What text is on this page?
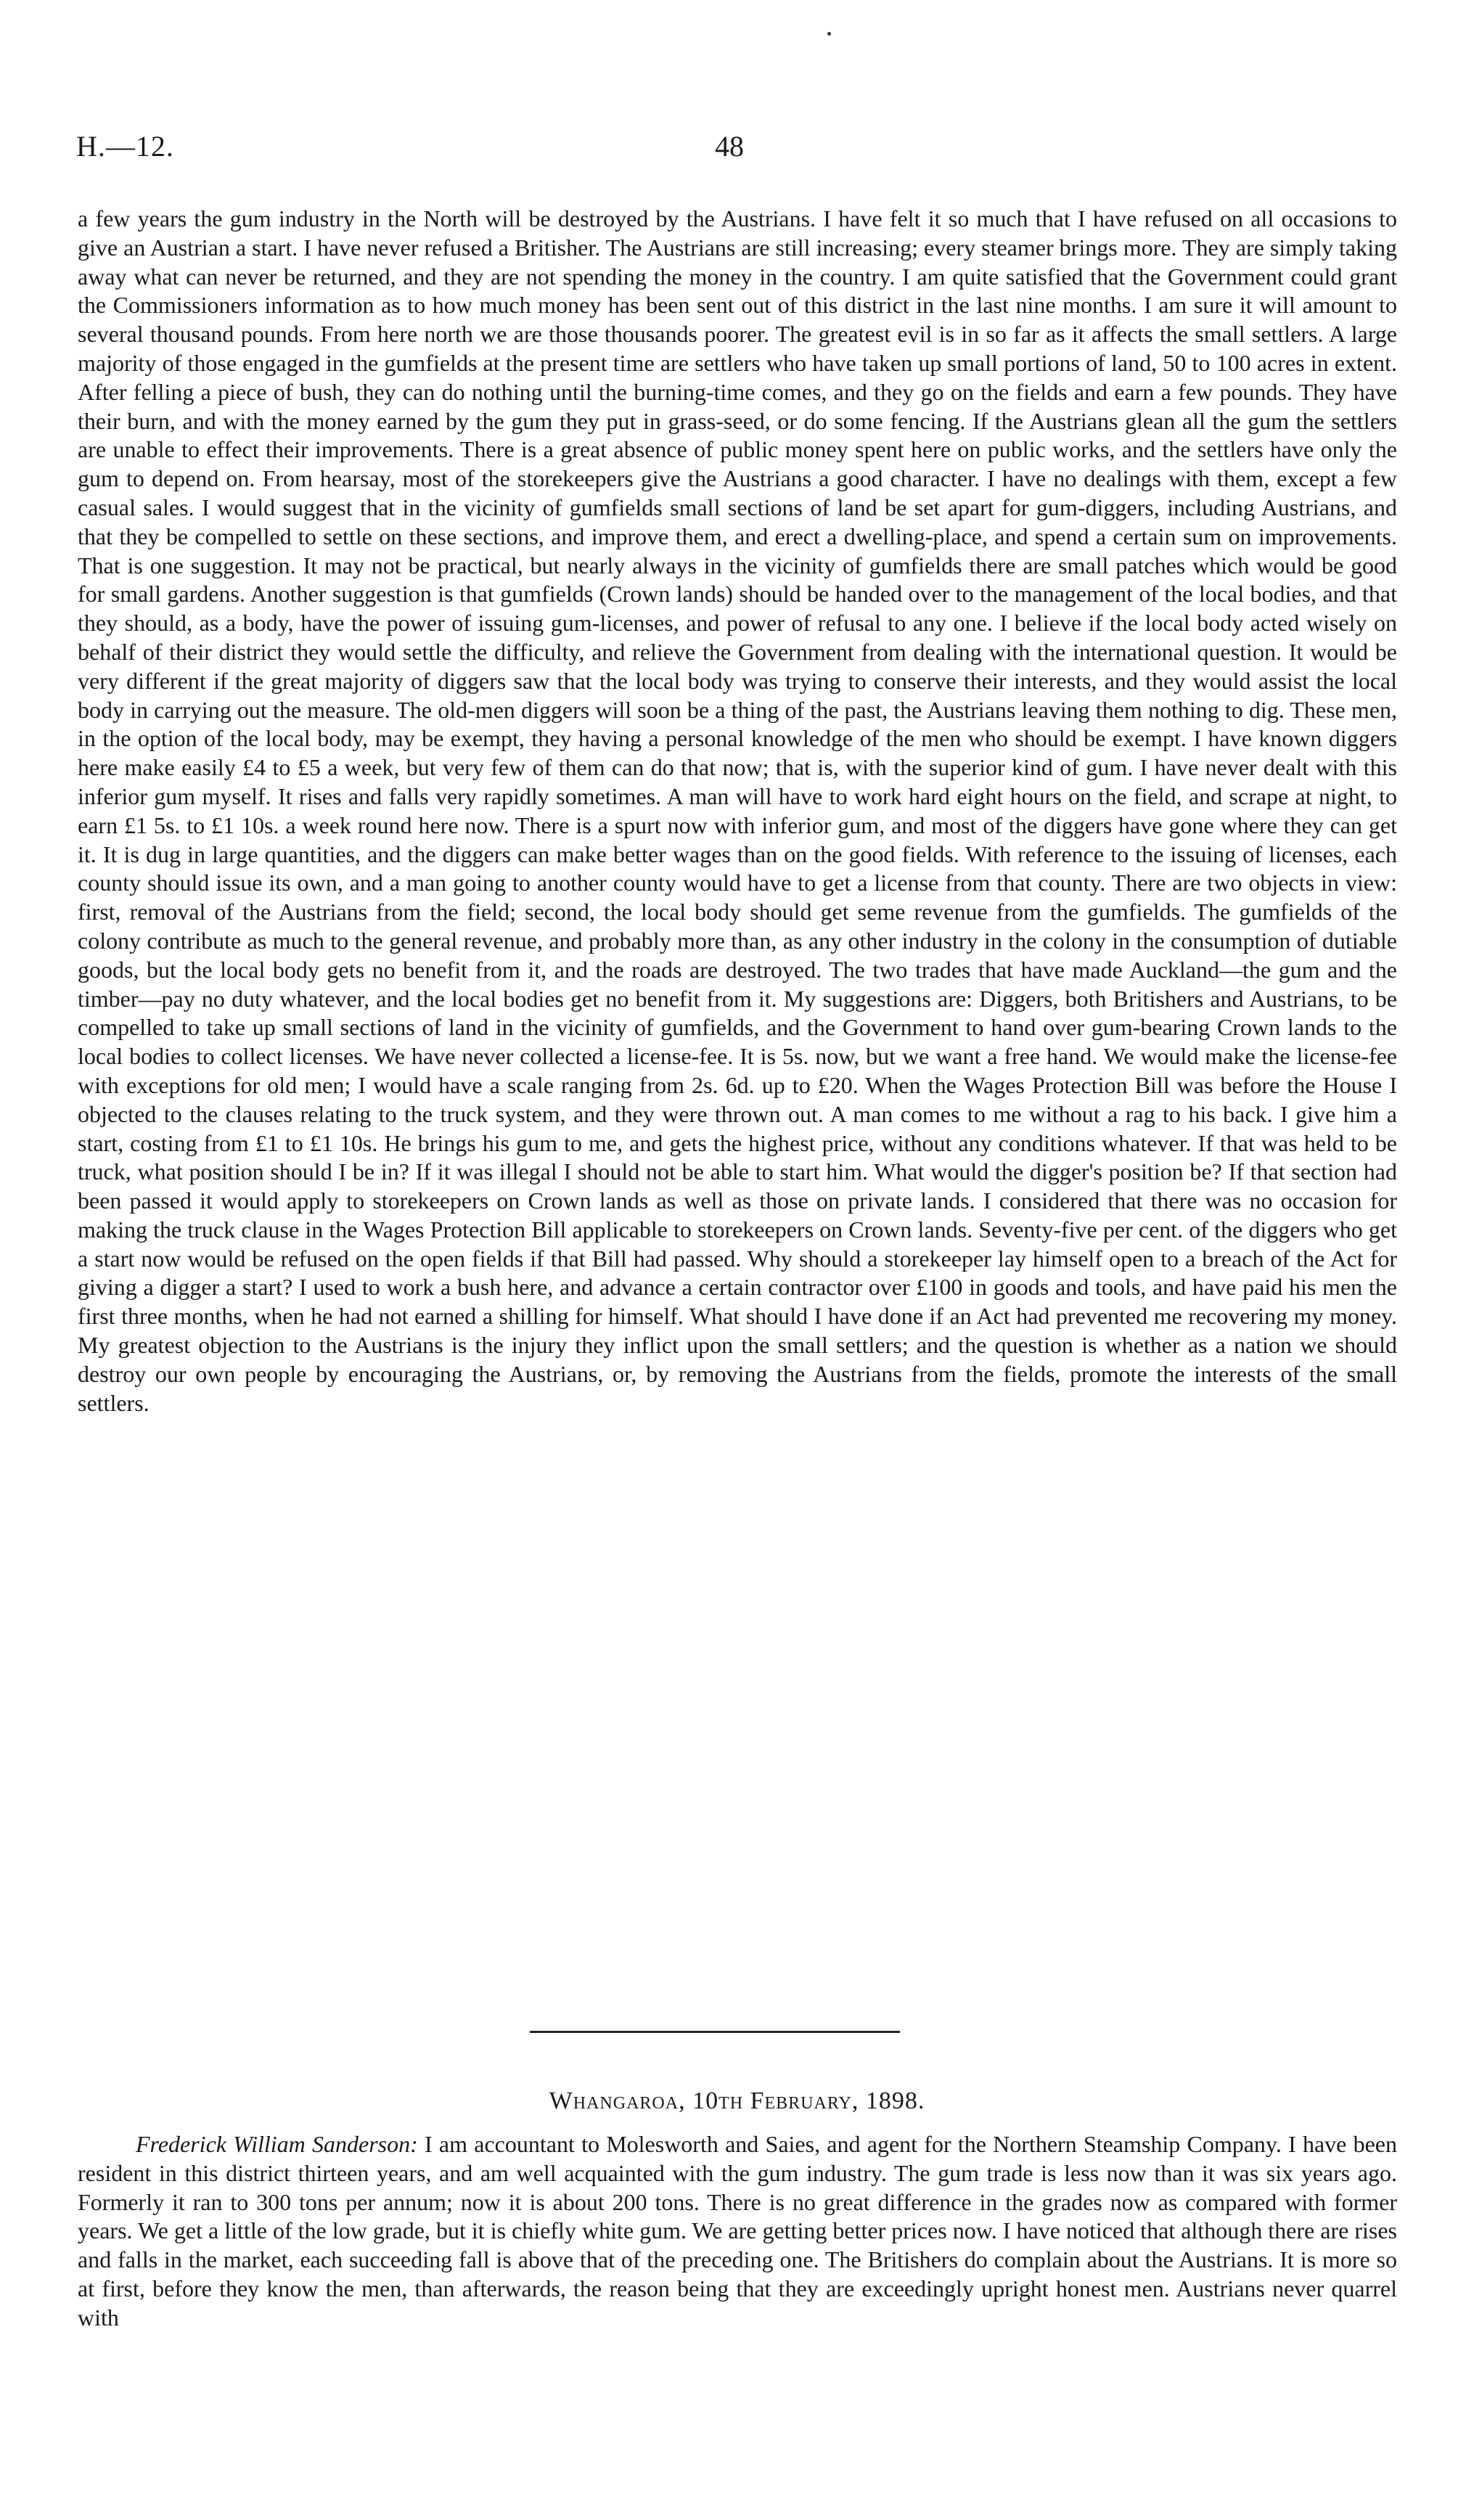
H.—12.	48

a few years the gum industry in the North will be destroyed by the Austrians. I have felt it so much that I have refused on all occasions to give an Austrian a start. I have never refused a Britisher. The Austrians are still increasing; every steamer brings more. They are simply taking away what can never be returned, and they are not spending the money in the country. I am quite satisfied that the Government could grant the Commissioners information as to how much money has been sent out of this district in the last nine months. I am sure it will amount to several thousand pounds. From here north we are those thousands poorer. The greatest evil is in so far as it affects the small settlers. A large majority of those engaged in the gumfields at the present time are settlers who have taken up small portions of land, 50 to 100 acres in extent. After felling a piece of bush, they can do nothing until the burning-time comes, and they go on the fields and earn a few pounds. They have their burn, and with the money earned by the gum they put in grass-seed, or do some fencing. If the Austrians glean all the gum the settlers are unable to effect their improvements. There is a great absence of public money spent here on public works, and the settlers have only the gum to depend on. From hearsay, most of the storekeepers give the Austrians a good character. I have no dealings with them, except a few casual sales. I would suggest that in the vicinity of gumfields small sections of land be set apart for gum-diggers, including Austrians, and that they be compelled to settle on these sections, and improve them, and erect a dwelling-place, and spend a certain sum on improvements. That is one suggestion. It may not be practical, but nearly always in the vicinity of gumfields there are small patches which would be good for small gardens. Another suggestion is that gumfields (Crown lands) should be handed over to the management of the local bodies, and that they should, as a body, have the power of issuing gum-licenses, and power of refusal to any one. I believe if the local body acted wisely on behalf of their district they would settle the difficulty, and relieve the Government from dealing with the international question. It would be very different if the great majority of diggers saw that the local body was trying to conserve their interests, and they would assist the local body in carrying out the measure. The old-men diggers will soon be a thing of the past, the Austrians leaving them nothing to dig. These men, in the option of the local body, may be exempt, they having a personal knowledge of the men who should be exempt. I have known diggers here make easily £4 to £5 a week, but very few of them can do that now; that is, with the superior kind of gum. I have never dealt with this inferior gum myself. It rises and falls very rapidly sometimes. A man will have to work hard eight hours on the field, and scrape at night, to earn £1 5s. to £1 10s. a week round here now. There is a spurt now with inferior gum, and most of the diggers have gone where they can get it. It is dug in large quantities, and the diggers can make better wages than on the good fields. With reference to the issuing of licenses, each county should issue its own, and a man going to another county would have to get a license from that county. There are two objects in view: first, removal of the Austrians from the field; second, the local body should get seme revenue from the gumfields. The gumfields of the colony contribute as much to the general revenue, and probably more than, as any other industry in the colony in the consumption of dutiable goods, but the local body gets no benefit from it, and the roads are destroyed. The two trades that have made Auckland—the gum and the timber—pay no duty whatever, and the local bodies get no benefit from it. My suggestions are: Diggers, both Britishers and Austrians, to be compelled to take up small sections of land in the vicinity of gumfields, and the Government to hand over gum-bearing Crown lands to the local bodies to collect licenses. We have never collected a license-fee. It is 5s. now, but we want a free hand. We would make the license-fee with exceptions for old men; I would have a scale ranging from 2s. 6d. up to £20. When the Wages Protection Bill was before the House I objected to the clauses relating to the truck system, and they were thrown out. A man comes to me without a rag to his back. I give him a start, costing from £1 to £1 10s. He brings his gum to me, and gets the highest price, without any conditions whatever. If that was held to be truck, what position should I be in? If it was illegal I should not be able to start him. What would the digger's position be? If that section had been passed it would apply to storekeepers on Crown lands as well as those on private lands. I considered that there was no occasion for making the truck clause in the Wages Protection Bill applicable to storekeepers on Crown lands. Seventy-five per cent. of the diggers who get a start now would be refused on the open fields if that Bill had passed. Why should a storekeeper lay himself open to a breach of the Act for giving a digger a start? I used to work a bush here, and advance a certain contractor over £100 in goods and tools, and have paid his men the first three months, when he had not earned a shilling for himself. What should I have done if an Act had prevented me recovering my money. My greatest objection to the Austrians is the injury they inflict upon the small settlers; and the question is whether as a nation we should destroy our own people by encouraging the Austrians, or, by removing the Austrians from the fields, promote the interests of the small settlers.

Whangaroa, 10th February, 1898.

Frederick William Sanderson: I am accountant to Molesworth and Saies, and agent for the Northern Steamship Company. I have been resident in this district thirteen years, and am well acquainted with the gum industry. The gum trade is less now than it was six years ago. Formerly it ran to 300 tons per annum; now it is about 200 tons. There is no great difference in the grades now as compared with former years. We get a little of the low grade, but it is chiefly white gum. We are getting better prices now. I have noticed that although there are rises and falls in the market, each succeeding fall is above that of the preceding one. The Britishers do complain about the Austrians. It is more so at first, before they know the men, than afterwards, the reason being that they are exceedingly upright honest men. Austrians never quarrel with
